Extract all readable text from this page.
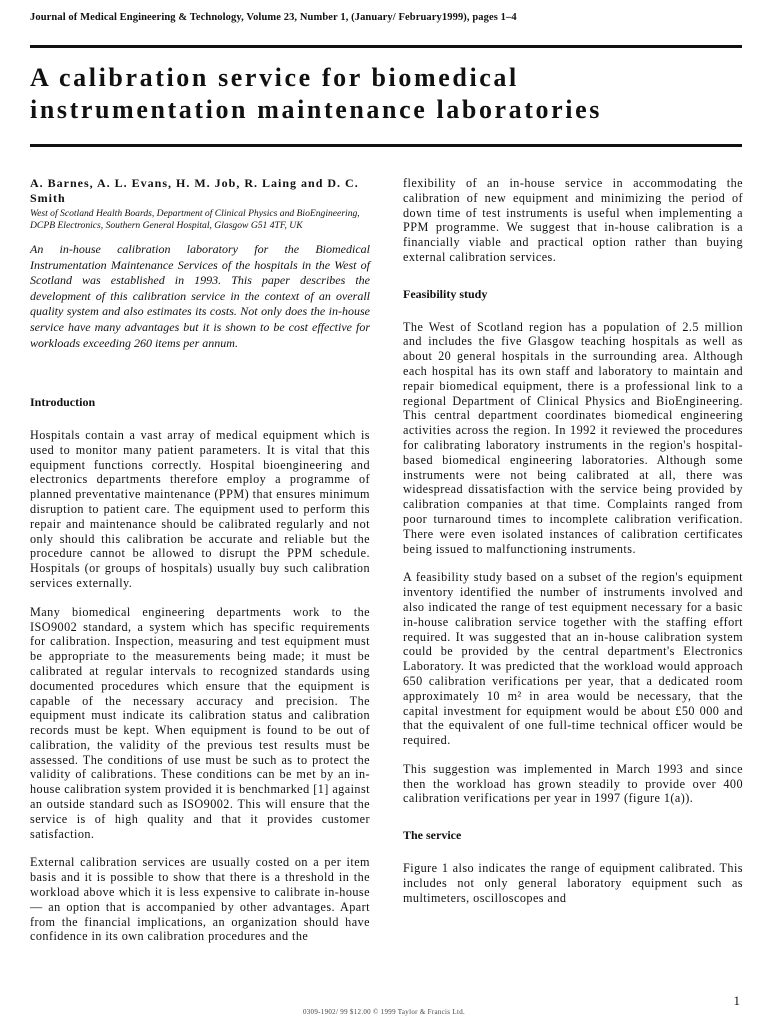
Journal of Medical Engineering & Technology, Volume 23, Number 1, (January/ February1999), pages 1–4
A calibration service for biomedical
instrumentation maintenance laboratories
A. Barnes, A. L. Evans, H. M. Job, R. Laing and D. C. Smith
West of Scotland Health Boards, Department of Clinical Physics and BioEngineering, DCPB Electronics, Southern General Hospital, Glasgow G51 4TF, UK
An in-house calibration laboratory for the Biomedical Instrumentation Maintenance Services of the hospitals in the West of Scotland was established in 1993. This paper describes the development of this calibration service in the context of an overall quality system and also estimates its costs. Not only does the in-house service have many advantages but it is shown to be cost effective for workloads exceeding 260 items per annum.
Introduction

Hospitals contain a vast array of medical equipment which is used to monitor many patient parameters. It is vital that this equipment functions correctly. Hospital bioengineering and electronics departments therefore employ a programme of planned preventative maintenance (PPM) that ensures minimum disruption to patient care. The equipment used to perform this repair and maintenance should be calibrated regularly and not only should this calibration be accurate and reliable but the procedure cannot be allowed to disrupt the PPM schedule. Hospitals (or groups of hospitals) usually buy such calibration services externally.

Many biomedical engineering departments work to the ISO9002 standard, a system which has specific requirements for calibration. Inspection, measuring and test equipment must be appropriate to the measurements being made; it must be calibrated at regular intervals to recognized standards using documented procedures which ensure that the equipment is capable of the necessary accuracy and precision. The equipment must indicate its calibration status and calibration records must be kept. When equipment is found to be out of calibration, the validity of the previous test results must be assessed. The conditions of use must be such as to protect the validity of calibrations. These conditions can be met by an in-house calibration system provided it is benchmarked [1] against an outside standard such as ISO9002. This will ensure that the service is of high quality and that it provides customer satisfaction.

External calibration services are usually costed on a per item basis and it is possible to show that there is a threshold in the workload above which it is less expensive to calibrate in-house — an option that is accompanied by other advantages. Apart from the financial implications, an organization should have confidence in its own calibration procedures and the

flexibility of an in-house service in accommodating the calibration of new equipment and minimizing the period of down time of test instruments is useful when implementing a PPM programme. We suggest that in-house calibration is a financially viable and practical option rather than buying external calibration services.

Feasibility study

The West of Scotland region has a population of 2.5 million and includes the five Glasgow teaching hospitals as well as about 20 general hospitals in the surrounding area. Although each hospital has its own staff and laboratory to maintain and repair biomedical equipment, there is a professional link to a regional Department of Clinical Physics and BioEngineering. This central department coordinates biomedical engineering activities across the region. In 1992 it reviewed the procedures for calibrating laboratory instruments in the region's hospital-based biomedical engineering laboratories. Although some instruments were not being calibrated at all, there was widespread dissatisfaction with the service being provided by calibration companies at that time. Complaints ranged from poor turnaround times to incomplete calibration verification. There were even isolated instances of calibration certificates being issued to malfunctioning instruments.

A feasibility study based on a subset of the region's equipment inventory identified the number of instruments involved and also indicated the range of test equipment necessary for a basic in-house calibration service together with the staffing effort required. It was suggested that an in-house calibration system could be provided by the central department's Electronics Laboratory. It was predicted that the workload would approach 650 calibration verifications per year, that a dedicated room approximately 10 m² in area would be necessary, that the capital investment for equipment would be about £50 000 and that the equivalent of one full-time technical officer would be required.

This suggestion was implemented in March 1993 and since then the workload has grown steadily to provide over 400 calibration verifications per year in 1997 (figure 1(a)).

The service

Figure 1 also indicates the range of equipment calibrated. This includes not only general laboratory equipment such as multimeters, oscilloscopes and

1
0309-1902/ 99 $12.00 © 1999 Taylor & Francis Ltd.
